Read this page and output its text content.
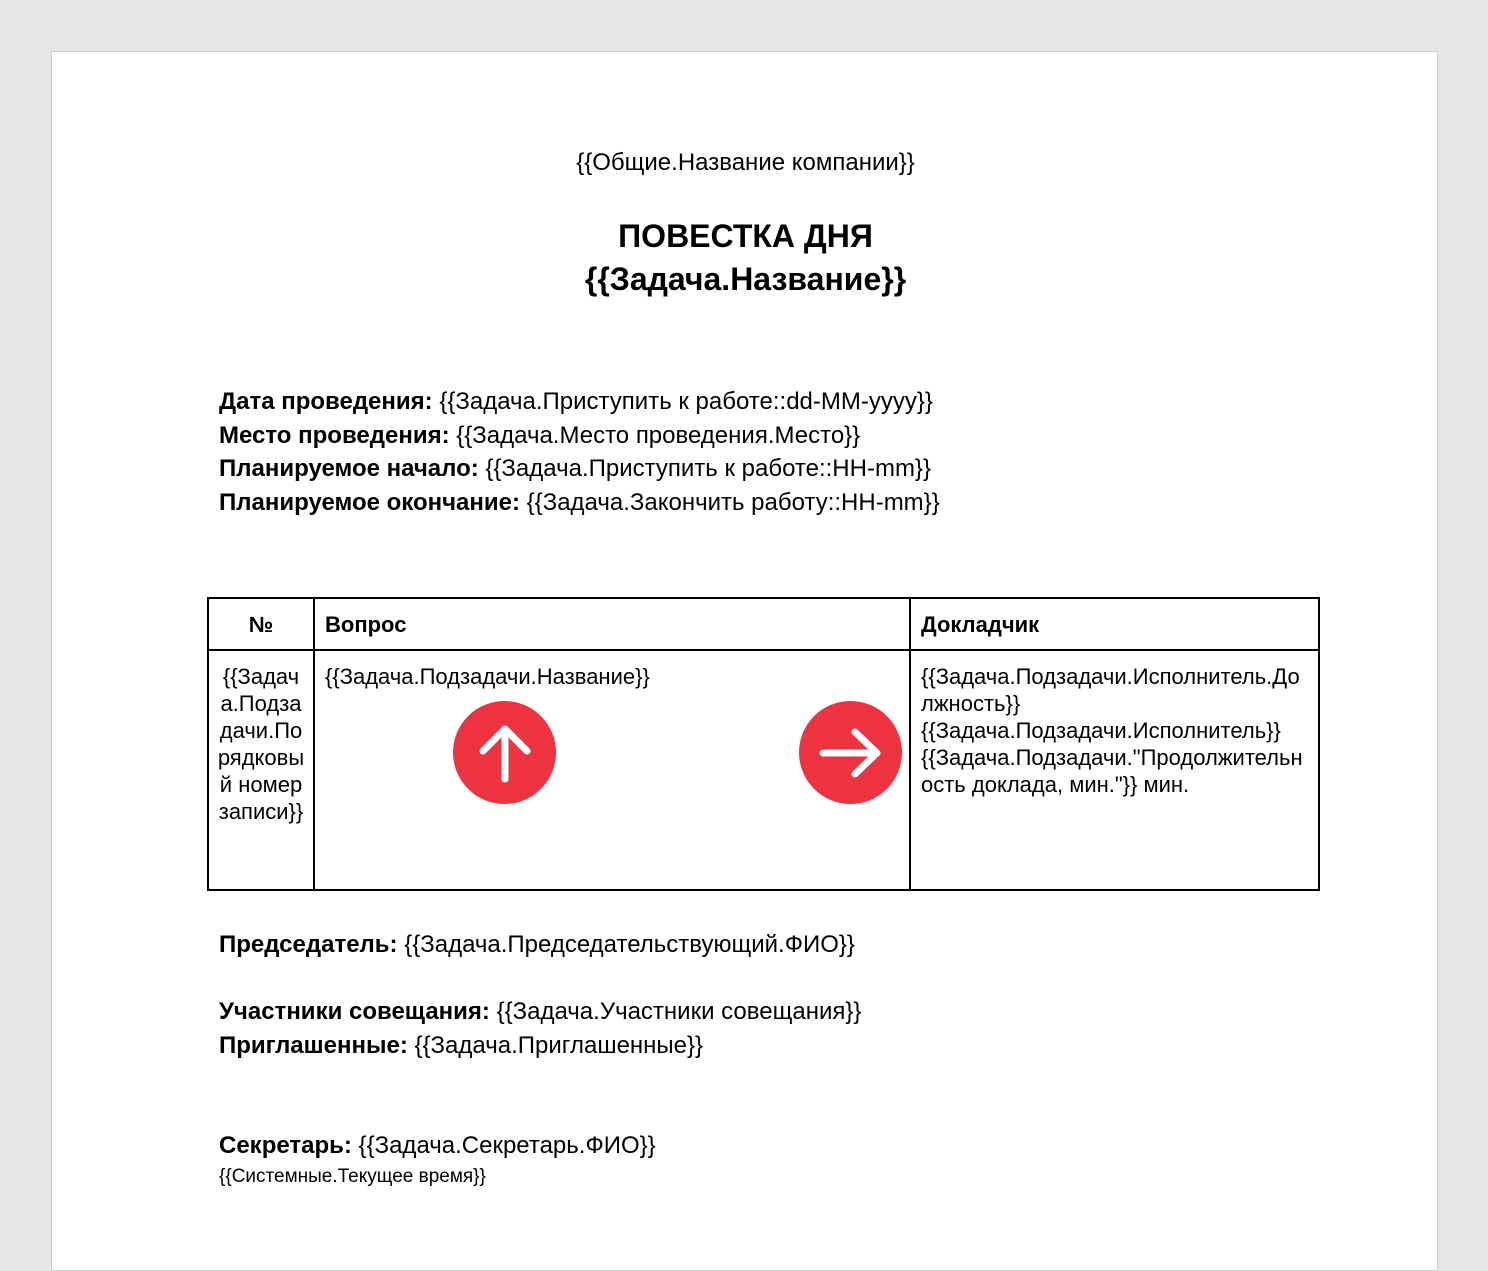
{{Общие.Название компании}}
ПОВЕСТКА ДНЯ
{{Задача.Название}}
Дата проведения: {{Задача.Приступить к работе::dd-MM-yyyy}}
Место проведения: {{Задача.Место проведения.Место}}
Планируемое начало: {{Задача.Приступить к работе::HH-mm}}
Планируемое окончание: {{Задача.Закончить работу::HH-mm}}
№	Вопрос	Докладчик
{{Задача.Подзадачи.Порядковый номер записи}}	{{Задача.Подзадачи.Название}}	{{Задача.Подзадачи.Исполнитель.Должность}}
{{Задача.Подзадачи.Исполнитель}}
{{Задача.Подзадачи."Продолжительность доклада, мин."}} мин.
Председатель: {{Задача.Председательствующий.ФИО}}
Участники совещания: {{Задача.Участники совещания}}
Приглашенные: {{Задача.Приглашенные}}
Секретарь: {{Задача.Секретарь.ФИО}}
{{Системные.Текущее время}}
